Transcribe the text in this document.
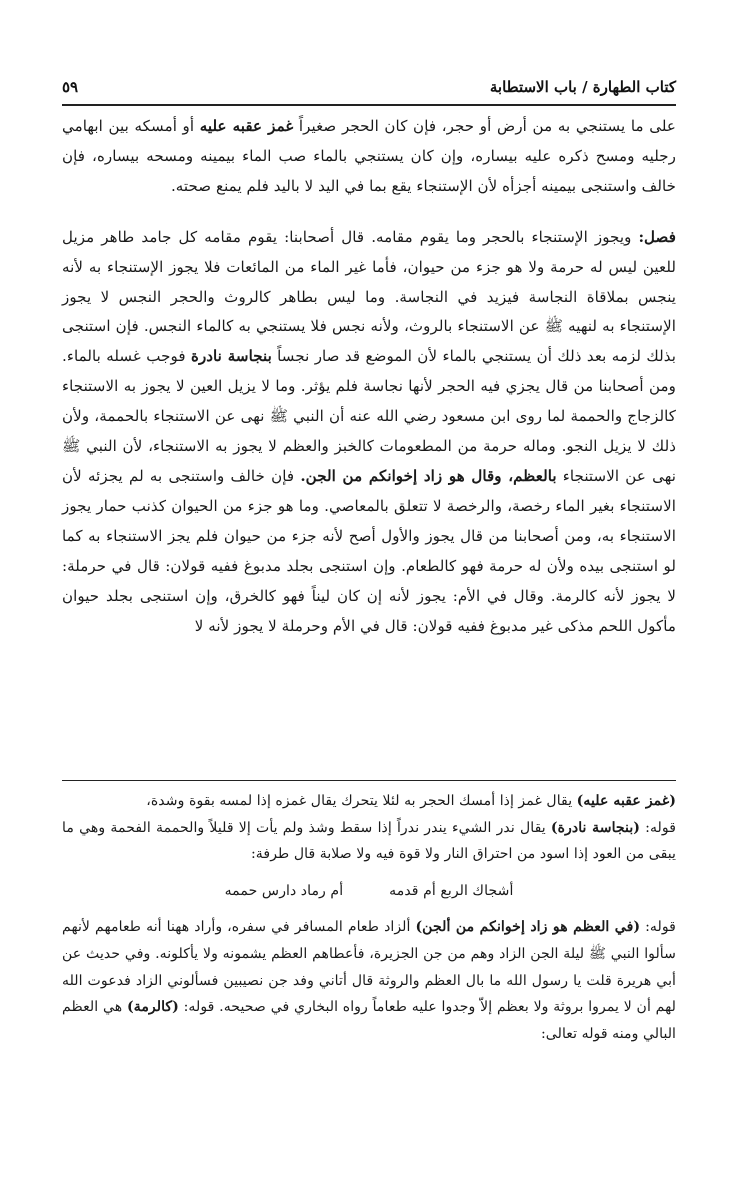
كتاب الطهارة / باب الاستطابة
٥٩

على ما يستنجي به من أرض أو حجر، فإن كان الحجر صغيراً غمز عقبه عليه أو أمسكه بين ابهامي رجليه ومسح ذكره عليه بيساره، وإن كان يستنجي بالماء صب الماء بيمينه ومسحه بيساره، فإن خالف واستنجى بيمينه أجزأه لأن الإستنجاء يقع بما في اليد لا باليد فلم يمنع صحته.

فصل: ويجوز الإستنجاء بالحجر وما يقوم مقامه. قال أصحابنا: يقوم مقامه كل جامد طاهر مزيل للعين ليس له حرمة ولا هو جزء من حيوان، فأما غير الماء من المائعات فلا يجوز الإستنجاء به لأنه ينجس بملاقاة النجاسة فيزيد في النجاسة. وما ليس بطاهر كالروث والحجر النجس لا يجوز الإستنجاء به لنهيه ﷺ عن الاستنجاء بالروث، ولأنه نجس فلا يستنجي به كالماء النجس. فإن استنجى بذلك لزمه بعد ذلك أن يستنجي بالماء لأن الموضع قد صار نجساً بنجاسة نادرة فوجب غسله بالماء. ومن أصحابنا من قال يجزي فيه الحجر لأنها نجاسة فلم يؤثر. وما لا يزيل العين لا يجوز به الاستنجاء كالزجاج والحممة لما روى ابن مسعود رضي الله عنه أن النبي ﷺ نهى عن الاستنجاء بالحممة، ولأن ذلك لا يزيل النجو. وماله حرمة من المطعومات كالخبز والعظم لا يجوز به الاستنجاء، لأن النبي ﷺ نهى عن الاستنجاء بالعظم، وقال هو زاد إخوانكم من الجن. فإن خالف واستنجى به لم يجزئه لأن الاستنجاء بغير الماء رخصة، والرخصة لا تتعلق بالمعاصي. وما هو جزء من الحيوان كذنب حمار يجوز الاستنجاء به، ومن أصحابنا من قال يجوز والأول أصح لأنه جزء من حيوان فلم يجز الاستنجاء به كما لو استنجى بيده ولأن له حرمة فهو كالطعام. وإن استنجى بجلد مدبوغ ففيه قولان: قال في حرملة: لا يجوز لأنه كالرمة. وقال في الأم: يجوز لأنه إن كان ليناً فهو كالخرق، وإن استنجى بجلد حيوان مأكول اللحم مذكى غير مدبوغ ففيه قولان: قال في الأم وحرملة لا يجوز لأنه لا

(غمز عقبه عليه) يقال غمز إذا أمسك الحجر به لئلا يتحرك يقال غمزه إذا لمسه بقوة وشدة،

قوله: (بنجاسة نادرة) يقال ندر الشيء يندر ندراً إذا سقط وشذ ولم يأت إلا قليلاً والحممة الفحمة وهي ما يبقى من العود إذا اسود من احتراق النار ولا قوة فيه ولا صلابة قال طرفة:

أشجاك الربع أم قدمه
أم رماد دارس حممه

قوله: (في العظم هو زاد إخوانكم من ألجن) ألزاد طعام المسافر في سفره، وأراد ههنا أنه طعامهم لأنهم سألوا النبي ﷺ ليلة الجن الزاد وهم من جن الجزيرة، فأعطاهم العظم يشمونه ولا يأكلونه. وفي حديث عن أبي هريرة قلت يا رسول الله ما بال العظم والروثة قال أتاني وفد جن نصيبين فسألوني الزاد فدعوت الله لهم أن لا يمروا بروثة ولا بعظم إلاّ وجدوا عليه طعاماً رواه البخاري في صحيحه. قوله: (كالرمة) هي العظم البالي ومنه قوله تعالى:
